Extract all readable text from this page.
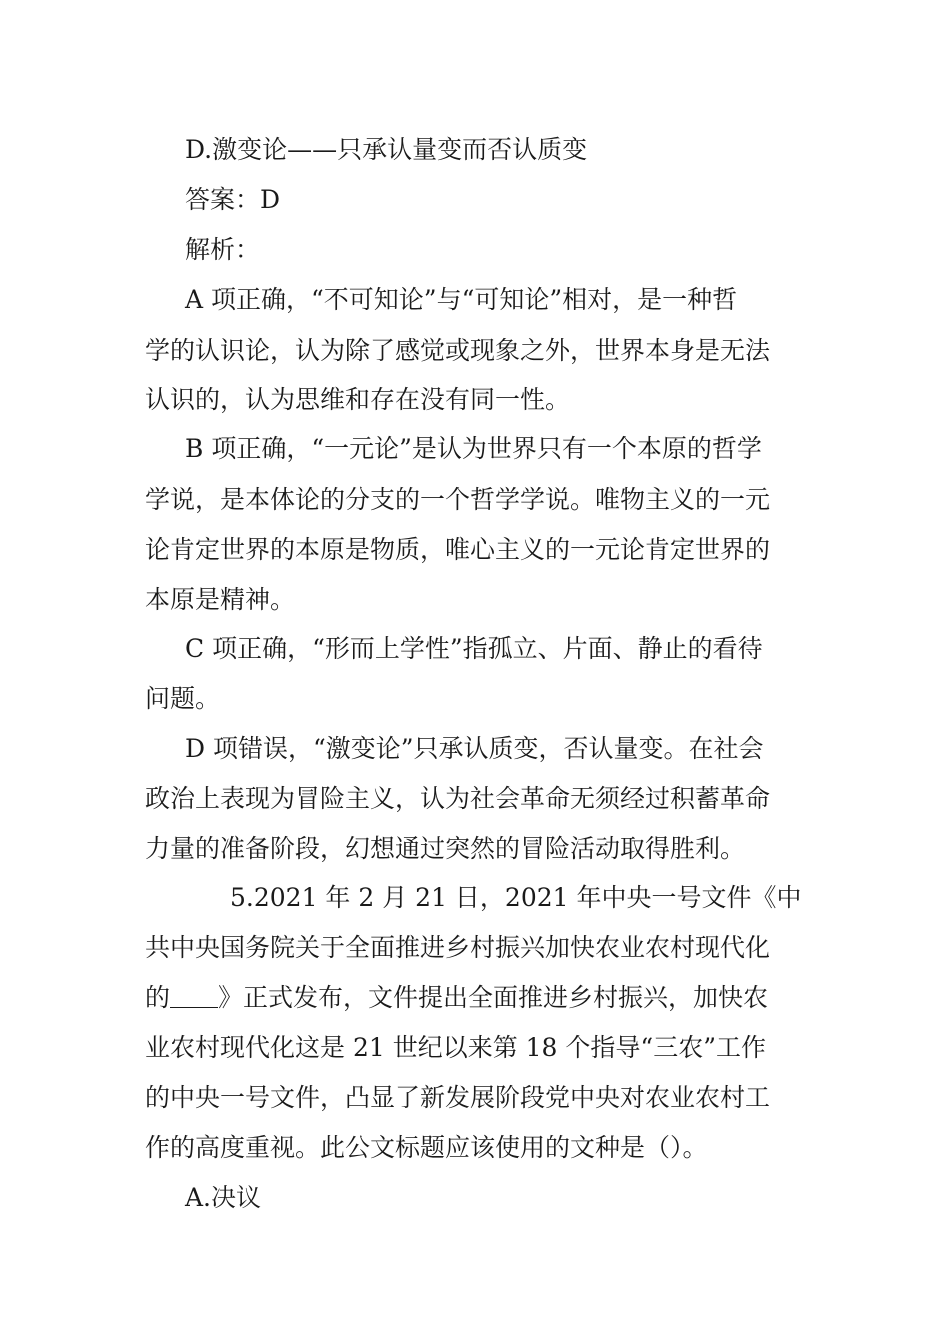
D.激变论——只承认量变而否认质变
答案：D
解析：
A 项正确，“不可知论”与“可知论”相对，是一种哲
学的认识论，认为除了感觉或现象之外，世界本身是无法
认识的，认为思维和存在没有同一性。
B 项正确，“一元论”是认为世界只有一个本原的哲学
学说，是本体论的分支的一个哲学学说。唯物主义的一元
论肯定世界的本原是物质，唯心主义的一元论肯定世界的
本原是精神。
C 项正确，“形而上学性”指孤立、片面、静止的看待
问题。
D 项错误，“激变论”只承认质变，否认量变。在社会
政治上表现为冒险主义，认为社会革命无须经过积蓄革命
力量的准备阶段，幻想通过突然的冒险活动取得胜利。
5.2021 年 2 月 21 日，2021 年中央一号文件《中
共中央国务院关于全面推进乡村振兴加快农业农村现代化
的 》正式发布，文件提出全面推进乡村振兴，加快农
业农村现代化这是 21 世纪以来第 18 个指导“三农”工作
的中央一号文件，凸显了新发展阶段党中央对农业农村工
作的高度重视。此公文标题应该使用的文种是（）。
A.决议
